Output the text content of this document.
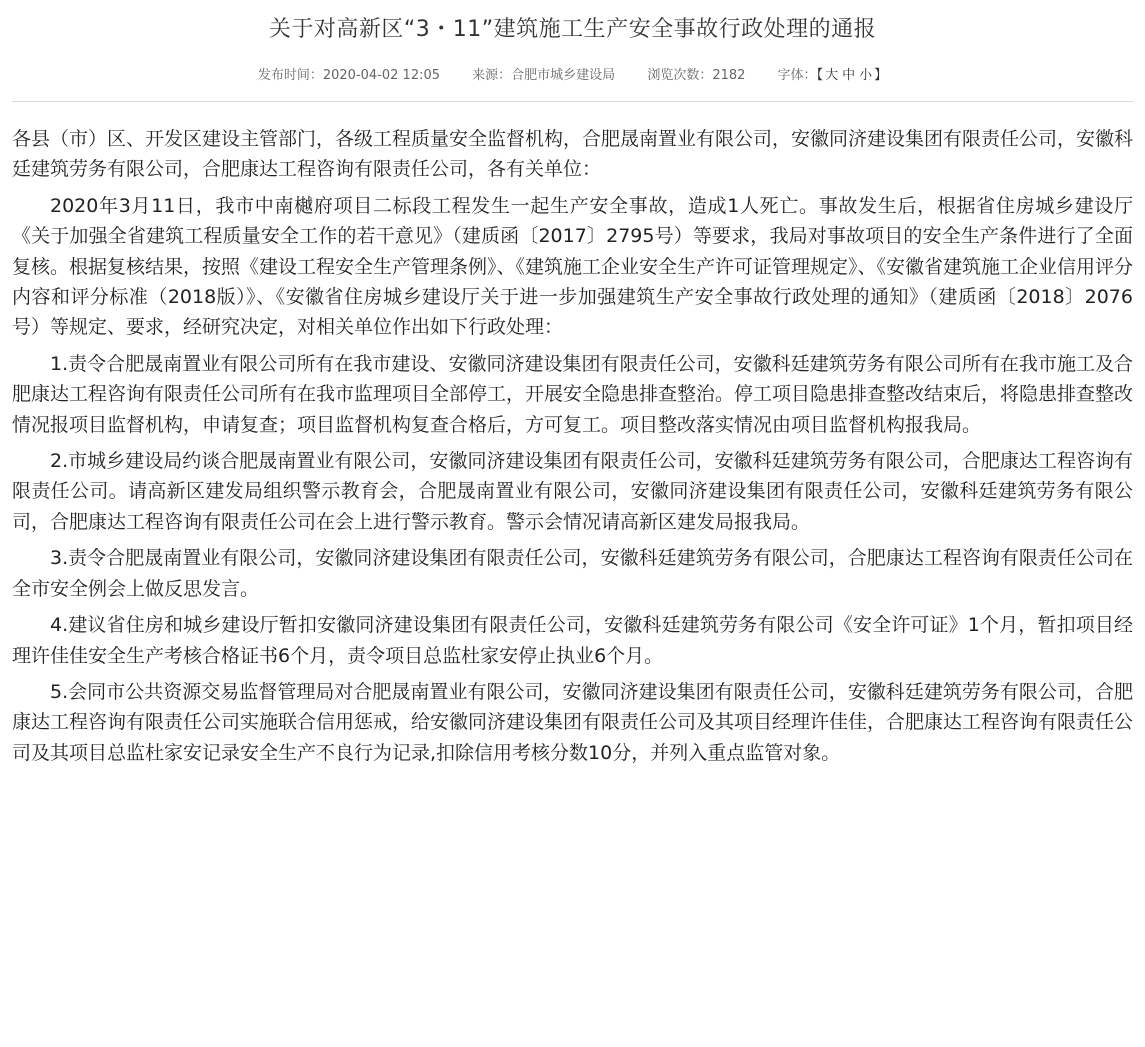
关于对高新区“3・11”建筑施工生产安全事故行政处理的通报
发布时间：2020-04-02 12:05 来源：合肥市城乡建设局 浏览次数：2182 字体：【 大 中 小 】

各县（市）区、开发区建设主管部门，各级工程质量安全监督机构，合肥晟南置业有限公司，安徽同济建设集团有限责任公司，安徽科廷建筑劳务有限公司，合肥康达工程咨询有限责任公司，各有关单位：

2020年3月11日，我市中南樾府项目二标段工程发生一起生产安全事故，造成1人死亡。事故发生后，根据省住房城乡建设厅《关于加强全省建筑工程质量安全工作的若干意见》（建质函〔2017〕2795号）等要求，我局对事故项目的安全生产条件进行了全面复核。根据复核结果，按照《建设工程安全生产管理条例》、《建筑施工企业安全生产许可证管理规定》、《安徽省建筑施工企业信用评分内容和评分标准（2018版）》、《安徽省住房城乡建设厅关于进一步加强建筑生产安全事故行政处理的通知》（建质函〔2018〕2076号）等规定、要求，经研究决定，对相关单位作出如下行政处理：

1.责令合肥晟南置业有限公司所有在我市建设、安徽同济建设集团有限责任公司，安徽科廷建筑劳务有限公司所有在我市施工及合肥康达工程咨询有限责任公司所有在我市监理项目全部停工，开展安全隐患排查整治。停工项目隐患排查整改结束后，将隐患排查整改情况报项目监督机构，申请复查；项目监督机构复查合格后，方可复工。项目整改落实情况由项目监督机构报我局。

2.市城乡建设局约谈合肥晟南置业有限公司，安徽同济建设集团有限责任公司，安徽科廷建筑劳务有限公司，合肥康达工程咨询有限责任公司。请高新区建发局组织警示教育会，合肥晟南置业有限公司，安徽同济建设集团有限责任公司，安徽科廷建筑劳务有限公司，合肥康达工程咨询有限责任公司在会上进行警示教育。警示会情况请高新区建发局报我局。

3.责令合肥晟南置业有限公司，安徽同济建设集团有限责任公司，安徽科廷建筑劳务有限公司，合肥康达工程咨询有限责任公司在全市安全例会上做反思发言。

4.建议省住房和城乡建设厅暂扣安徽同济建设集团有限责任公司，安徽科廷建筑劳务有限公司《安全许可证》1个月，暂扣项目经理许佳佳安全生产考核合格证书6个月，责令项目总监杜家安停止执业6个月。

5.会同市公共资源交易监督管理局对合肥晟南置业有限公司，安徽同济建设集团有限责任公司，安徽科廷建筑劳务有限公司，合肥康达工程咨询有限责任公司实施联合信用惩戒，给安徽同济建设集团有限责任公司及其项目经理许佳佳，合肥康达工程咨询有限责任公司及其项目总监杜家安记录安全生产不良行为记录,扣除信用考核分数10分，并列入重点监管对象。
